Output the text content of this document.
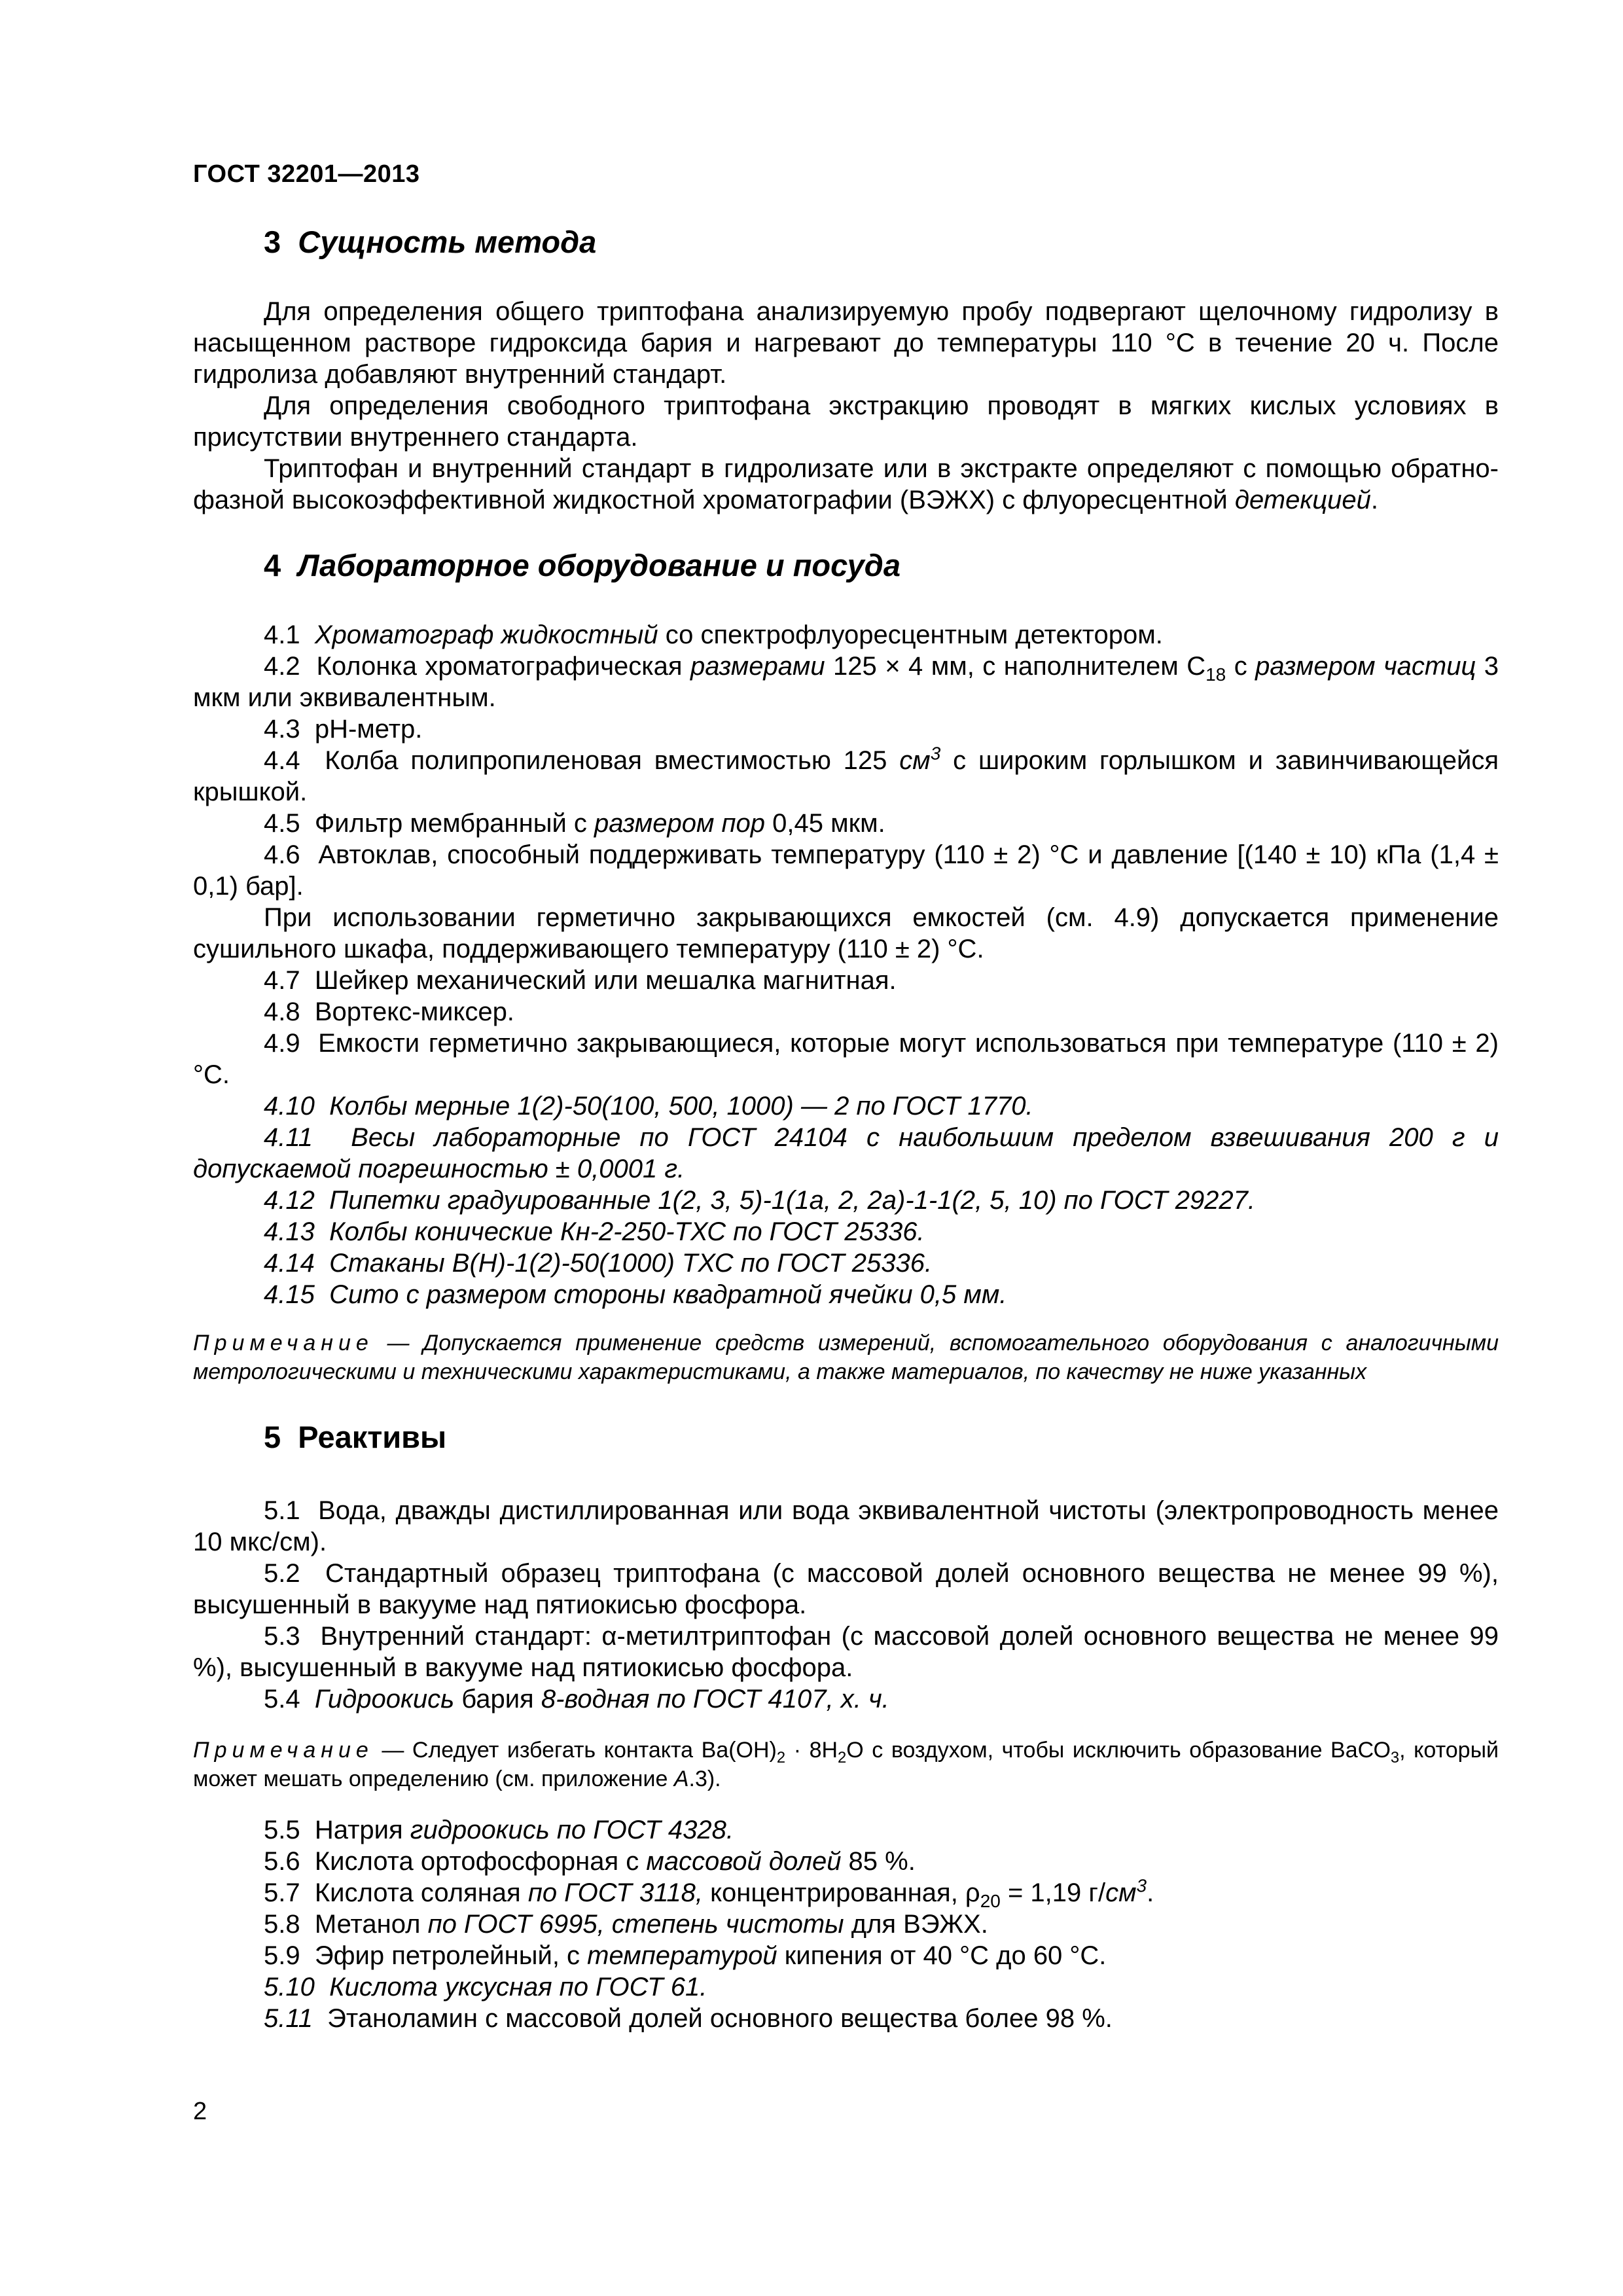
ГОСТ 32201—2013
3 Сущность метода

Для определения общего триптофана анализируемую пробу подвергают щелочному гидролизу в насыщенном растворе гидроксида бария и нагревают до температуры 110 °С в течение 20 ч. После гидролиза добавляют внутренний стандарт.

Для определения свободного триптофана экстракцию проводят в мягких кислых условиях в присутствии внутреннего стандарта.

Триптофан и внутренний стандарт в гидролизате или в экстракте определяют с помощью обратно-фазной высокоэффективной жидкостной хроматографии (ВЭЖХ) с флуоресцентной детекцией.

4 Лабораторное оборудование и посуда

4.1 Хроматограф жидкостный со спектрофлуоресцентным детектором.

4.2 Колонка хроматографическая размерами 125 × 4 мм, с наполнителем $С_{18}$ с размером частиц 3 мкм или эквивалентным.

4.3 рН-метр.

4.4 Колба полипропиленовая вместимостью 125 $см^3$ с широким горлышком и завинчивающейся крышкой.

4.5 Фильтр мембранный с размером пор 0,45 мкм.

4.6 Автоклав, способный поддерживать температуру (110 ± 2) °С и давление [(140 ± 10) кПа (1,4 ± 0,1) бар].

При использовании герметично закрывающихся емкостей (см. 4.9) допускается применение сушильного шкафа, поддерживающего температуру (110 ± 2) °С.

4.7 Шейкер механический или мешалка магнитная.

4.8 Вортекс-миксер.

4.9 Емкости герметично закрывающиеся, которые могут использоваться при температуре (110 ± 2) °С.

4.10 Колбы мерные 1(2)-50(100, 500, 1000) — 2 по ГОСТ 1770.

4.11 Весы лабораторные по ГОСТ 24104 с наибольшим пределом взвешивания 200 г и допускаемой погрешностью ± 0,0001 г.

4.12 Пипетки градуированные 1(2, 3, 5)-1(1а, 2, 2а)-1-1(2, 5, 10) по ГОСТ 29227.

4.13 Колбы конические Кн-2-250-ТХС по ГОСТ 25336.

4.14 Стаканы В(Н)-1(2)-50(1000) ТХС по ГОСТ 25336.

4.15 Сито с размером стороны квадратной ячейки 0,5 мм.

Примечание — Допускается применение средств измерений, вспомогательного оборудования с аналогичными метрологическими и техническими характеристиками, а также материалов, по качеству не ниже указанных

5 Реактивы

5.1 Вода, дважды дистиллированная или вода эквивалентной чистоты (электропроводность менее 10 мкс/см).

5.2 Стандартный образец триптофана (с массовой долей основного вещества не менее 99 %), высушенный в вакууме над пятиокисью фосфора.

5.3 Внутренний стандарт: α-метилтриптофан (с массовой долей основного вещества не менее 99 %), высушенный в вакууме над пятиокисью фосфора.

5.4 Гидроокись бария 8-водная по ГОСТ 4107, х. ч.

Примечание — Следует избегать контакта $Ва(ОН)_2 \cdot 8Н_2О$ с воздухом, чтобы исключить образование ВаСО$_3$, который может мешать определению (см. приложение А.3).

5.5 Натрия гидроокись по ГОСТ 4328.

5.6 Кислота ортофосфорная с массовой долей 85 %.

5.7 Кислота соляная по ГОСТ 3118, концентрированная, $\rho_{20} = 1,19$ $г/см^3$.

5.8 Метанол по ГОСТ 6995, степень чистоты для ВЭЖХ.

5.9 Эфир петролейный, с температурой кипения от 40 °С до 60 °С.

5.10 Кислота уксусная по ГОСТ 61.

5.11 Этаноламин с массовой долей основного вещества более 98 %.

2
